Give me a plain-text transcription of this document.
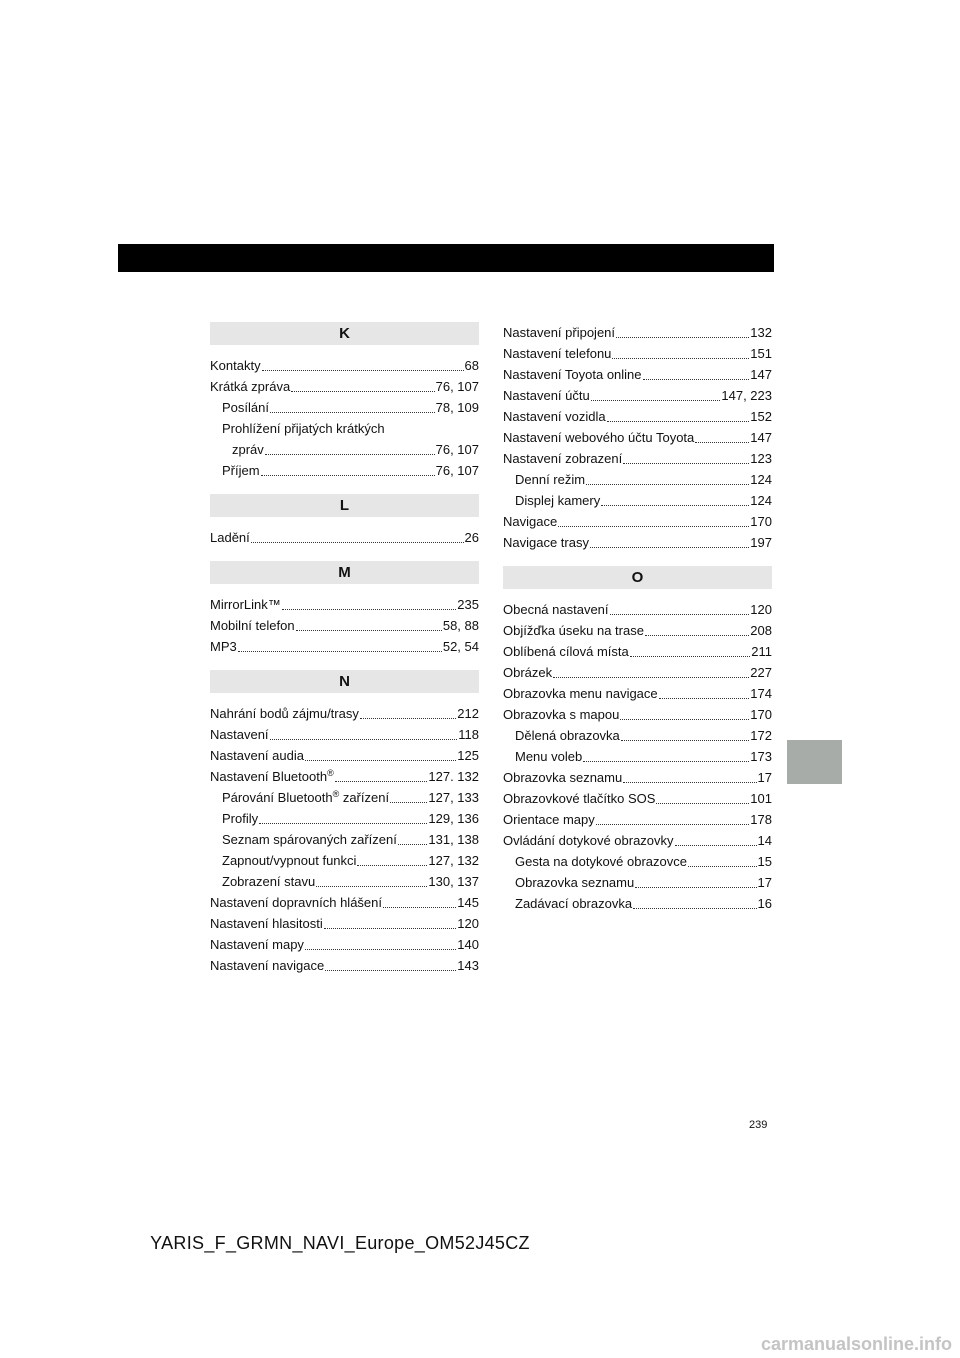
K
Kontakty	68
Krátká zpráva	76, 107
Posílání	78, 109
Prohlížení přijatých krátkých
zpráv	76, 107
Příjem	76, 107
L
Ladění	26
M
MirrorLink™	235
Mobilní telefon	58, 88
MP3	52, 54
N
Nahrání bodů zájmu/trasy	212
Nastavení	118
Nastavení audia	125
Nastavení Bluetooth®	127. 132
Párování Bluetooth® zařízení	127, 133
Profily	129, 136
Seznam spárovaných zařízení 131, 138
Zapnout/vypnout funkci	127, 132
Zobrazení stavu	130, 137
Nastavení dopravních hlášení	145
Nastavení hlasitosti	120
Nastavení mapy	140
Nastavení navigace	143
Nastavení připojení	132
Nastavení telefonu	151
Nastavení Toyota online	147
Nastavení účtu	147, 223
Nastavení vozidla	152
Nastavení webového účtu Toyota	147
Nastavení zobrazení	123
Denní režim	124
Displej kamery	124
Navigace	170
Navigace trasy	197
O
Obecná nastavení	120
Objížďka úseku na trase	208
Oblíbená cílová místa	211
Obrázek	227
Obrazovka menu navigace	174
Obrazovka s mapou	170
Dělená obrazovka	172
Menu voleb	173
Obrazovka seznamu	17
Obrazovkové tlačítko SOS	101
Orientace mapy	178
Ovládání dotykové obrazovky	14
Gesta na dotykové obrazovce	15
Obrazovka seznamu	17
Zadávací obrazovka	16
239
YARIS_F_GRMN_NAVI_Europe_OM52J45CZ
carmanualsonline.info
